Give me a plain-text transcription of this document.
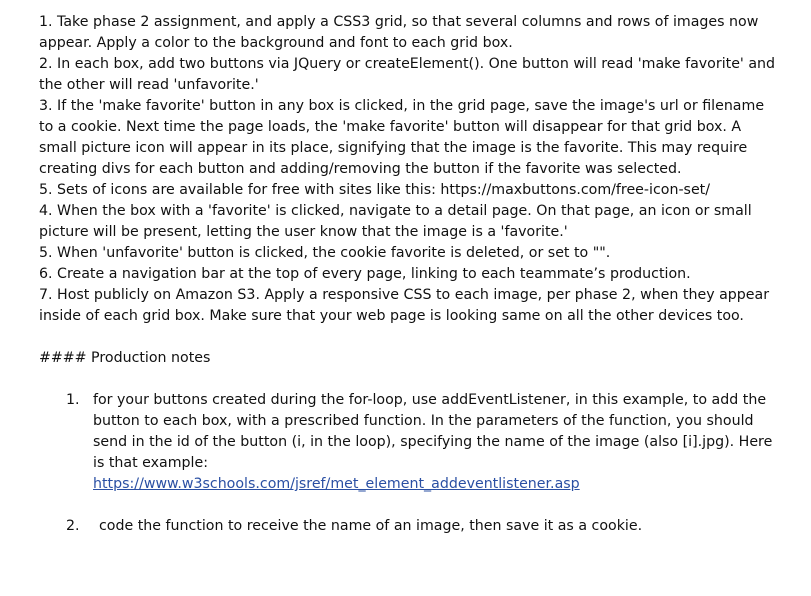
1. Take phase 2 assignment, and apply a CSS3 grid, so that several columns and rows of images now appear. Apply a color to the background and font to each grid box.

2. In each box, add two buttons via JQuery or createElement(). One button will read 'make favorite' and the other will read 'unfavorite.'

3. If the 'make favorite' button in any box is clicked, in the grid page, save the image's url or filename to a cookie. Next time the page loads, the 'make favorite' button will disappear for that grid box. A small picture icon will appear in its place, signifying that the image is the favorite. This may require creating divs for each button and adding/removing the button if the favorite was selected.

5. Sets of icons are available for free with sites like this: https://maxbuttons.com/free-icon-set/

4. When the box with a 'favorite' is clicked, navigate to a detail page. On that page, an icon or small picture will be present, letting the user know that the image is a 'favorite.'

5. When 'unfavorite' button is clicked, the cookie favorite is deleted, or set to "".

6. Create a navigation bar at the top of every page, linking to each teammate’s production.

7. Host publicly on Amazon S3. Apply a responsive CSS to each image, per phase 2, when they appear inside of each grid box. Make sure that your web page is looking same on all the other devices too.

#### Production notes

1. for your buttons created during the for-loop, use addEventListener, in this example, to add the button to each box, with a prescribed function. In the parameters of the function, you should send in the id of the button (i, in the loop), specifying the name of the image (also [i].jpg). Here is that example:
https://www.w3schools.com/jsref/met_element_addeventlistener.asp
2.	code the function to receive the name of an image, then save it as a cookie.
